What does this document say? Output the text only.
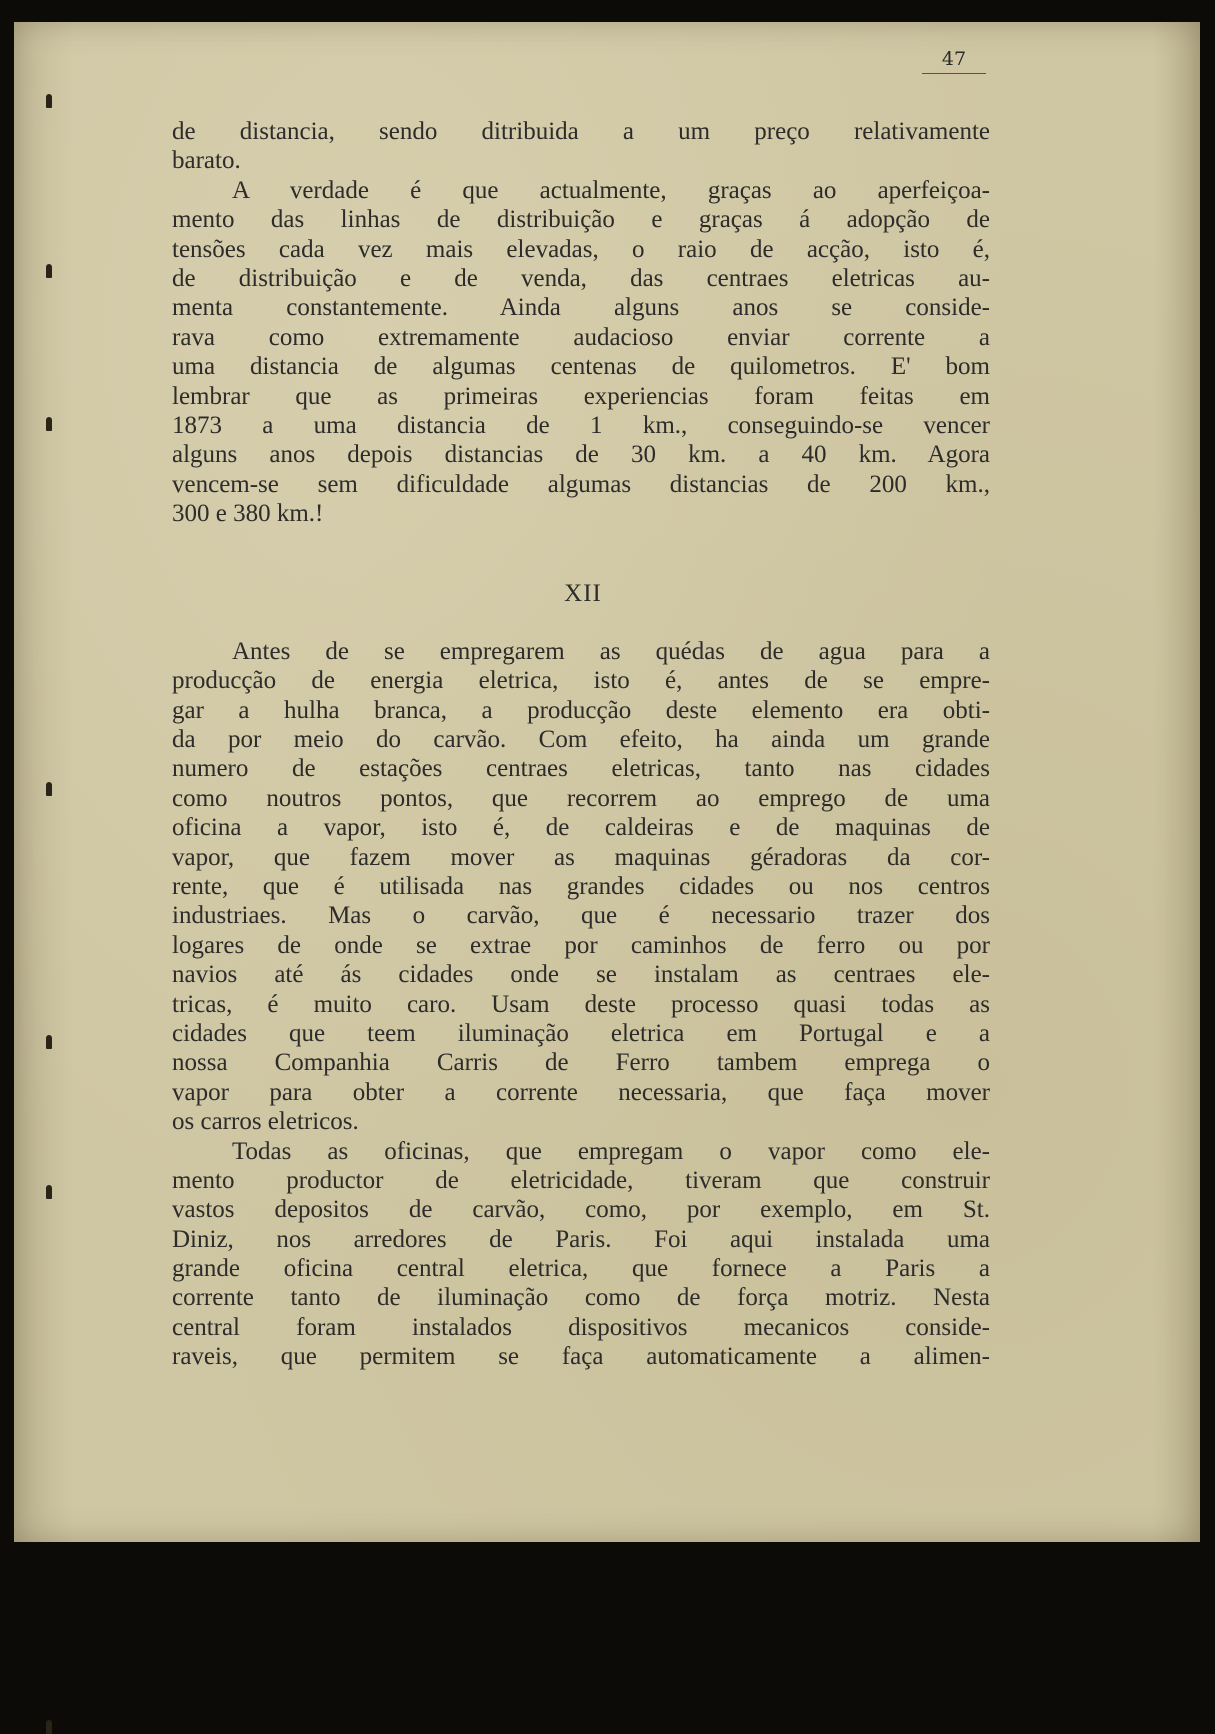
47
de distancia, sendo ditribuida a um preço relativamente
barato.
A verdade é que actualmente, graças ao aperfeiçoa-
mento das linhas de distribuição e graças á adopção de
tensões cada vez mais elevadas, o raio de acção, isto é,
de distribuição e de venda, das centraes eletricas au-
menta constantemente. Ainda alguns anos se conside-
rava como extremamente audacioso enviar corrente a
uma distancia de algumas centenas de quilometros. E' bom
lembrar que as primeiras experiencias foram feitas em
1873 a uma distancia de 1 km., conseguindo-se vencer
alguns anos depois distancias de 30 km. a 40 km. Agora
vencem-se sem dificuldade algumas distancias de 200 km.,
300 e 380 km.!
XII
Antes de se empregarem as quédas de agua para a
producção de energia eletrica, isto é, antes de se empre-
gar a hulha branca, a producção deste elemento era obti-
da por meio do carvão. Com efeito, ha ainda um grande
numero de estações centraes eletricas, tanto nas cidades
como noutros pontos, que recorrem ao emprego de uma
oficina a vapor, isto é, de caldeiras e de maquinas de
vapor, que fazem mover as maquinas géradoras da cor-
rente, que é utilisada nas grandes cidades ou nos centros
industriaes. Mas o carvão, que é necessario trazer dos
logares de onde se extrae por caminhos de ferro ou por
navios até ás cidades onde se instalam as centraes ele-
tricas, é muito caro. Usam deste processo quasi todas as
cidades que teem iluminação eletrica em Portugal e a
nossa Companhia Carris de Ferro tambem emprega o
vapor para obter a corrente necessaria, que faça mover
os carros eletricos.
Todas as oficinas, que empregam o vapor como ele-
mento productor de eletricidade, tiveram que construir
vastos depositos de carvão, como, por exemplo, em St.
Diniz, nos arredores de Paris. Foi aqui instalada uma
grande oficina central eletrica, que fornece a Paris a
corrente tanto de iluminação como de força motriz. Nesta
central foram instalados dispositivos mecanicos conside-
raveis, que permitem se faça automaticamente a alimen-
